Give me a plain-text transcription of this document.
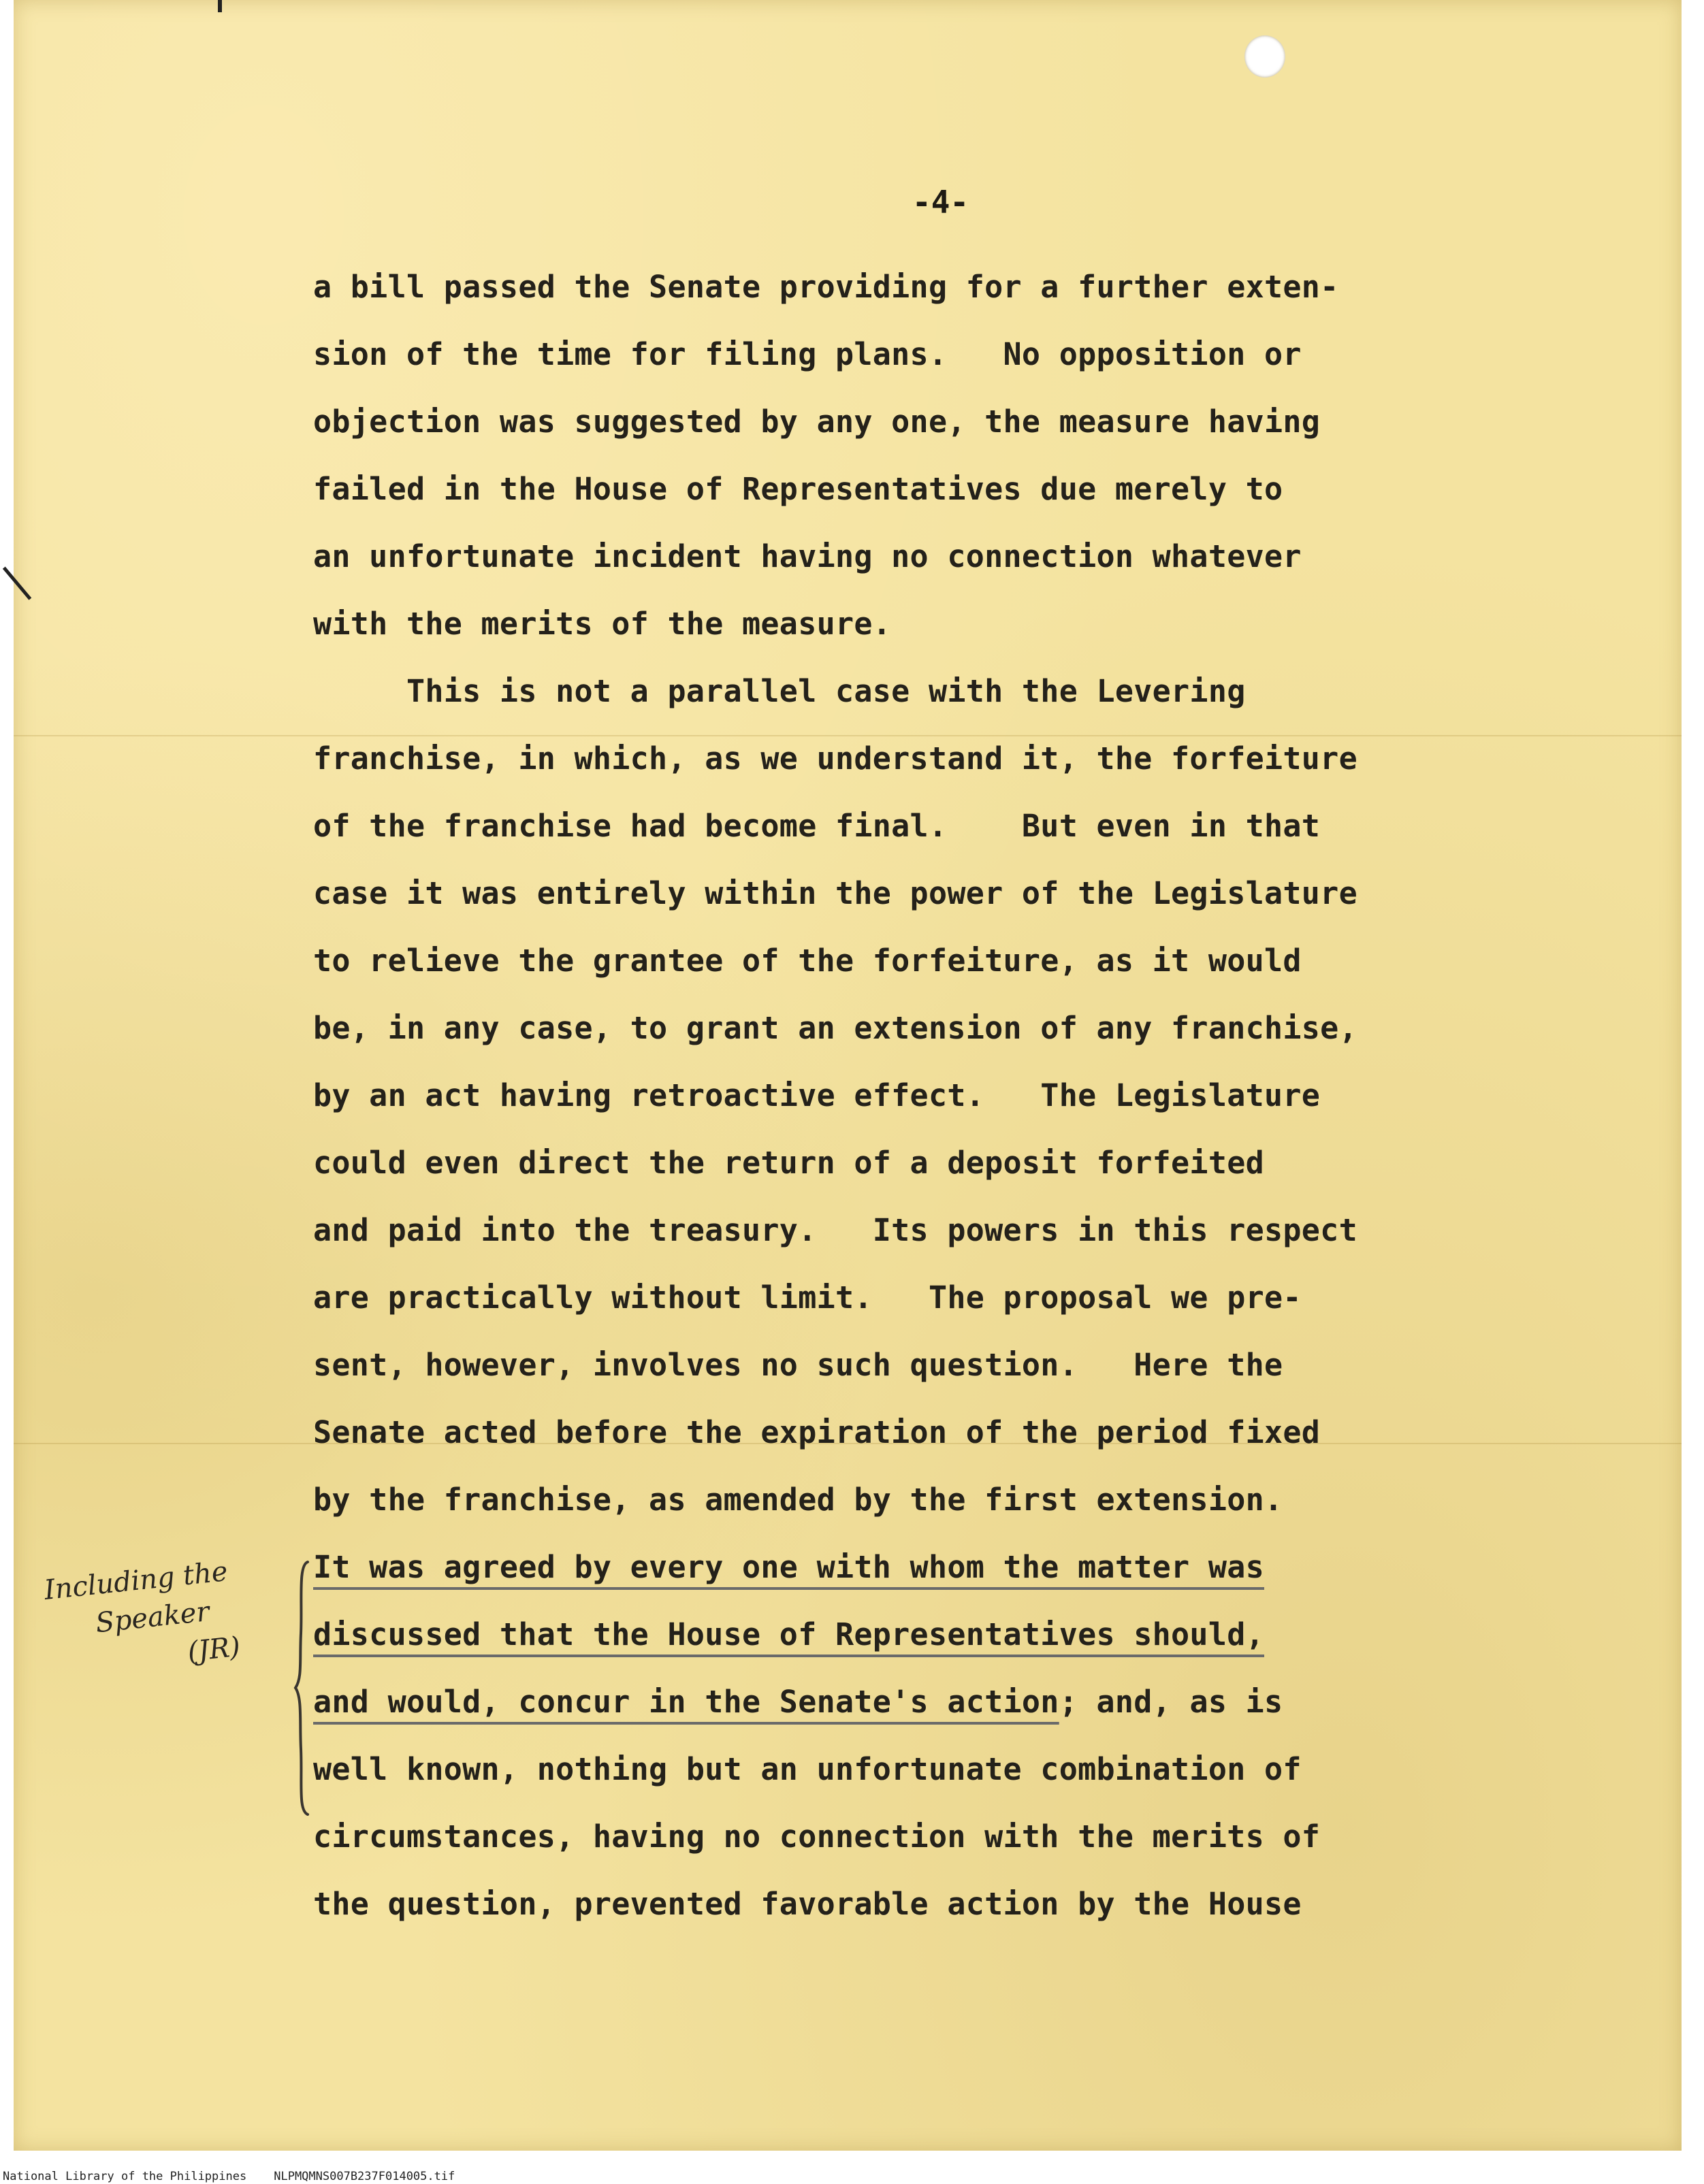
-4-
a bill passed the Senate providing for a further exten-
sion of the time for filing plans.   No opposition or
objection was suggested by any one, the measure having
failed in the House of Representatives due merely to
an unfortunate incident having no connection whatever
with the merits of the measure.
This is not a parallel case with the Levering
franchise, in which, as we understand it, the forfeiture
of the franchise had become final.    But even in that
case it was entirely within the power of the Legislature
to relieve the grantee of the forfeiture, as it would
be, in any case, to grant an extension of any franchise,
by an act having retroactive effect.   The Legislature
could even direct the return of a deposit forfeited
and paid into the treasury.   Its powers in this respect
are practically without limit.   The proposal we pre-
sent, however, involves no such question.   Here the
Senate acted before the expiration of the period fixed
by the franchise, as amended by the first extension.
It was agreed by every one with whom the matter was
discussed that the House of Representatives should,
and would, concur in the Senate's action; and, as is
well known, nothing but an unfortunate combination of
circumstances, having no connection with the merits of
the question, prevented favorable action by the House
Including the
Speaker
(JR)
National Library of the Philippines NLPMQMNS007B237F014005.tif
